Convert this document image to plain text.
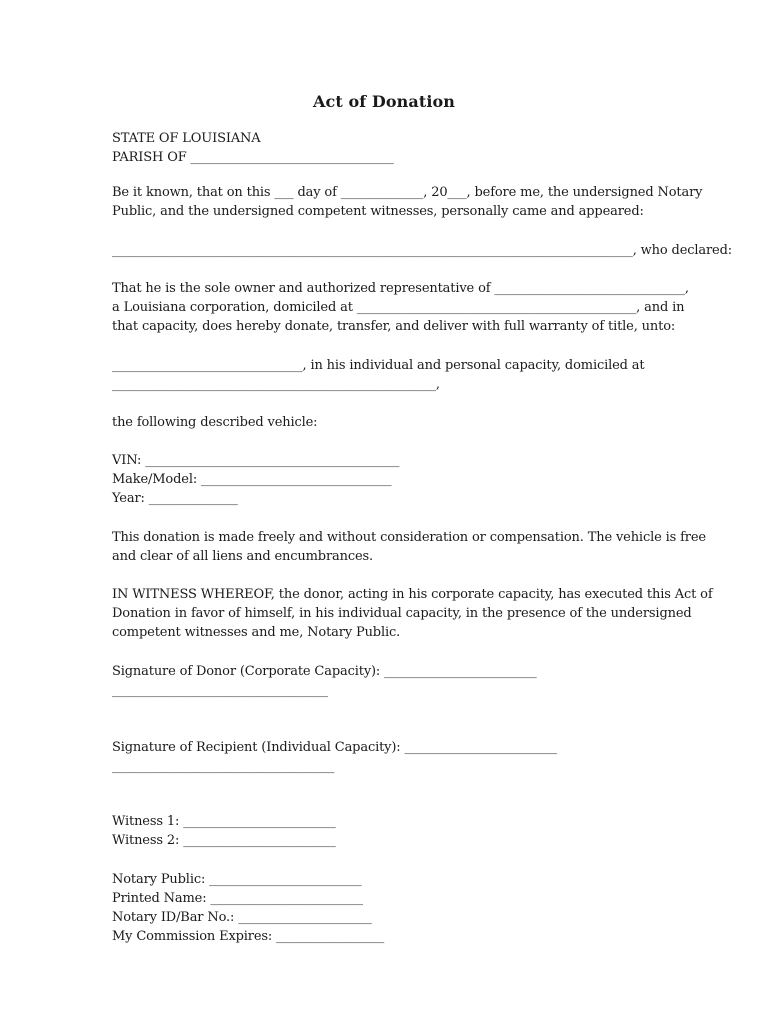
Act of Donation
STATE OF LOUISIANA
PARISH OF ________________________________
Be it known, that on this ___ day of _____________, 20___, before me, the undersigned Notary
Public, and the undersigned competent witnesses, personally came and appeared:
__________________________________________________________________________________, who declared:
That he is the sole owner and authorized representative of ______________________________,
a Louisiana corporation, domiciled at ____________________________________________, and in
that capacity, does hereby donate, transfer, and deliver with full warranty of title, unto:
______________________________, in his individual and personal capacity, domiciled at
___________________________________________________,
the following described vehicle:
VIN: ________________________________________
Make/Model: ______________________________
Year: ______________
This donation is made freely and without consideration or compensation. The vehicle is free
and clear of all liens and encumbrances.
IN WITNESS WHEREOF, the donor, acting in his corporate capacity, has executed this Act of
Donation in favor of himself, in his individual capacity, in the presence of the undersigned
competent witnesses and me, Notary Public.
Signature of Donor (Corporate Capacity): ________________________
__________________________________
Signature of Recipient (Individual Capacity): ________________________
___________________________________
Witness 1: ________________________
Witness 2: ________________________
Notary Public: ________________________
Printed Name: ________________________
Notary ID/Bar No.: _____________________
My Commission Expires: _________________
